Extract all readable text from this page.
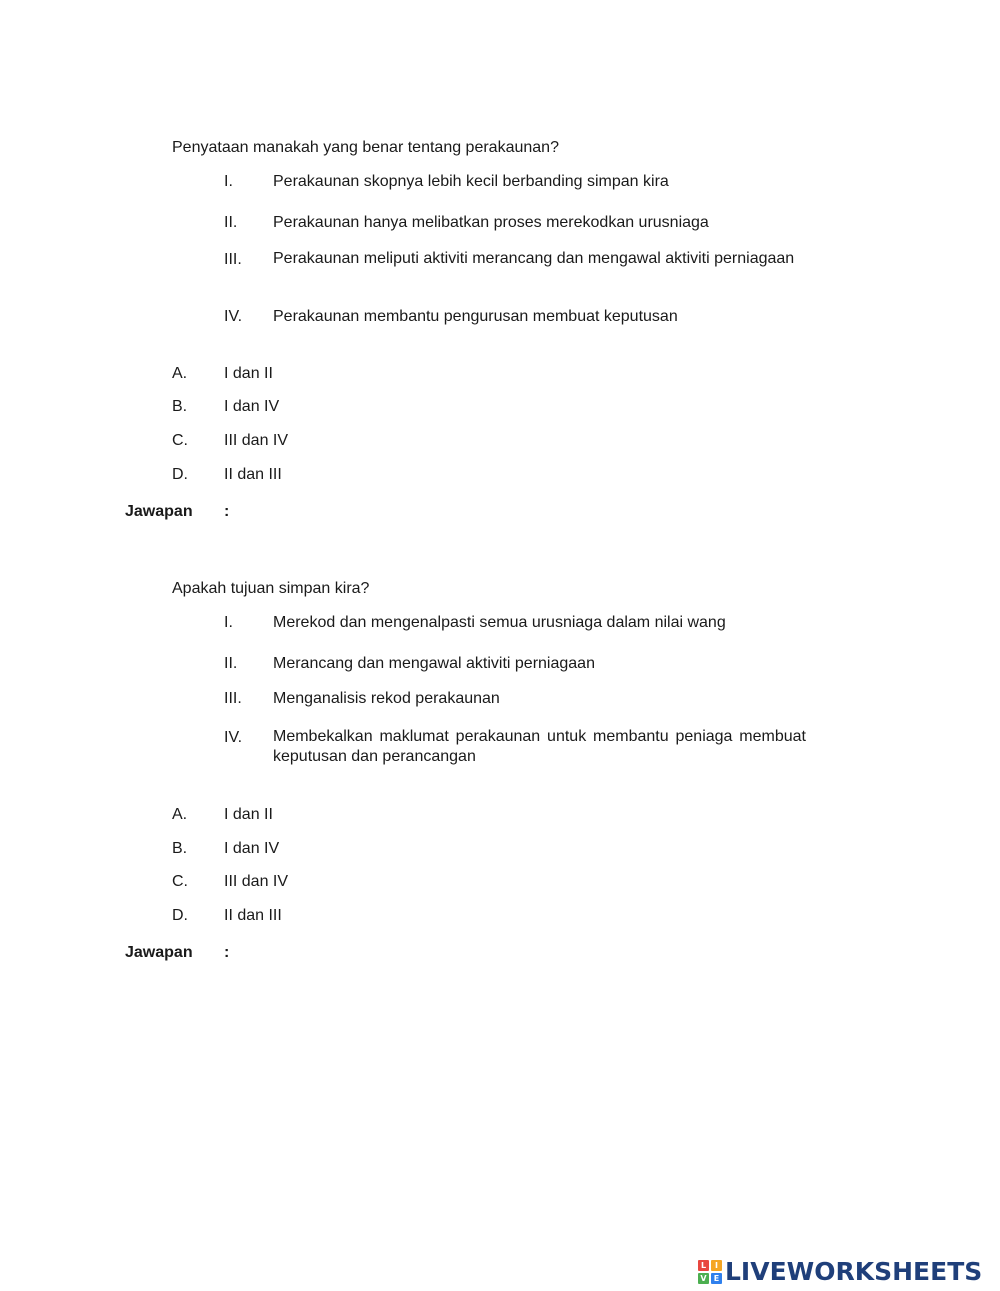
Penyataan manakah yang benar tentang perakaunan?
I.	Perakaunan skopnya lebih kecil berbanding simpan kira
II. Perakaunan hanya melibatkan proses merekodkan urusniaga
III. Perakaunan meliputi aktiviti merancang dan mengawal aktiviti perniagaan
IV. Perakaunan membantu pengurusan membuat keputusan
A. I dan II
B. I dan IV
C. III dan IV
D. II dan III
Jawapan :
Apakah tujuan simpan kira?
I.	Merekod dan mengenalpasti semua urusniaga dalam nilai wang
II. Merancang dan mengawal aktiviti perniagaan
III. Menganalisis rekod perakaunan
IV. Membekalkan maklumat perakaunan untuk membantu peniaga membuat keputusan dan perancangan
A. I dan II
B. I dan IV
C. III dan IV
D. II dan III
Jawapan :
L	I
V E LIVEWORKSHEETS
